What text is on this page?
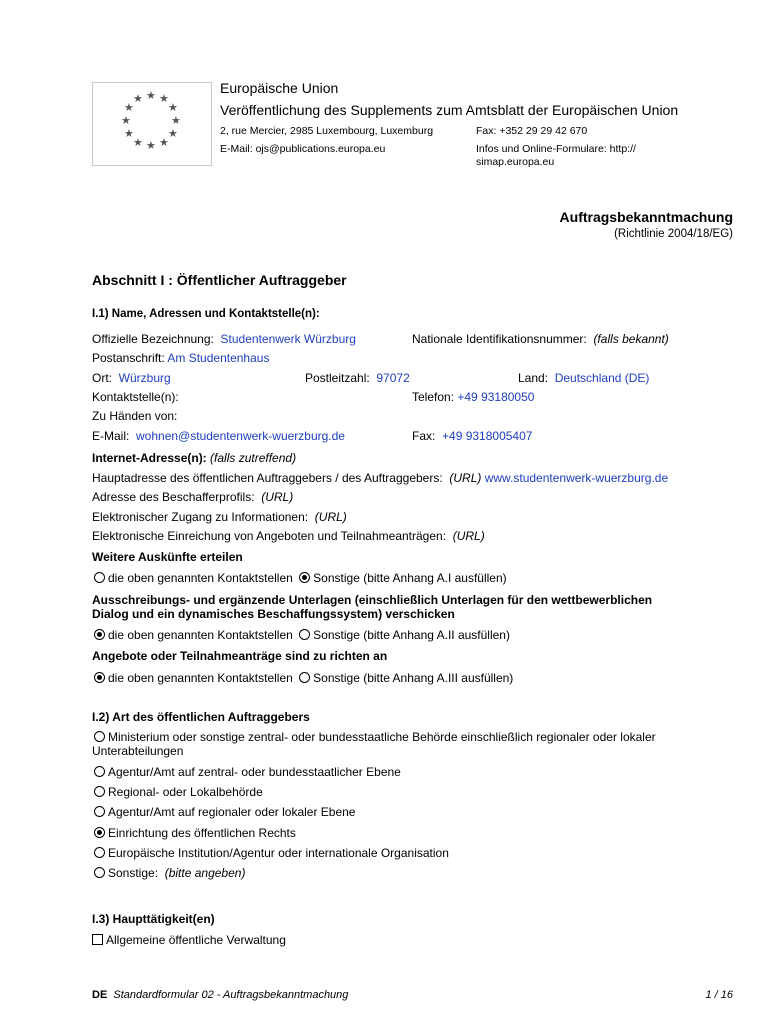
★ ★
★
★
★
★
★
★
★
★
★
★
Europäische Union
Veröffentlichung des Supplements zum Amtsblatt der Europäischen Union
2, rue Mercier, 2985 Luxembourg, Luxemburg	Fax: +352 29 29 42 670
E-Mail: ojs@publications.europa.eu	Infos und Online-Formulare: http://
simap.europa.eu
Auftragsbekanntmachung
(Richtlinie 2004/18/EG)
Abschnitt I : Öffentlicher Auftraggeber
I.1) Name, Adressen und Kontaktstelle(n):
Offizielle Bezeichnung: Studentenwerk Würzburg	Nationale Identifikationsnummer: (falls bekannt)
Postanschrift: Am Studentenhaus
Ort: Würzburg	Postleitzahl: 97072	Land: Deutschland (DE)
Kontaktstelle(n):	Telefon: +49 93180050
Zu Händen von:
E-Mail: wohnen@studentenwerk-wuerzburg.de	Fax: +49 9318005407
Internet-Adresse(n): (falls zutreffend)
Hauptadresse des öffentlichen Auftraggebers / des Auftraggebers: (URL) www.studentenwerk-wuerzburg.de
Adresse des Beschafferprofils: (URL)
Elektronischer Zugang zu Informationen: (URL)
Elektronische Einreichung von Angeboten und Teilnahmeanträgen: (URL)
Weitere Auskünfte erteilen
die oben genannten Kontaktstellen Sonstige (bitte Anhang A.I ausfüllen)
Ausschreibungs- und ergänzende Unterlagen (einschließlich Unterlagen für den wettbewerblichen
Dialog und ein dynamisches Beschaffungssystem) verschicken
die oben genannten Kontaktstellen Sonstige (bitte Anhang A.II ausfüllen)
Angebote oder Teilnahmeanträge sind zu richten an
die oben genannten Kontaktstellen Sonstige (bitte Anhang A.III ausfüllen)
I.2) Art des öffentlichen Auftraggebers
Ministerium oder sonstige zentral- oder bundesstaatliche Behörde einschließlich regionaler oder lokaler
Unterabteilungen
Agentur/Amt auf zentral- oder bundesstaatlicher Ebene
Regional- oder Lokalbehörde
Agentur/Amt auf regionaler oder lokaler Ebene
Einrichtung des öffentlichen Rechts
Europäische Institution/Agentur oder internationale Organisation
Sonstige: (bitte angeben)
I.3) Haupttätigkeit(en)
Allgemeine öffentliche Verwaltung
DE Standardformular 02 - Auftragsbekanntmachung	1 / 16
